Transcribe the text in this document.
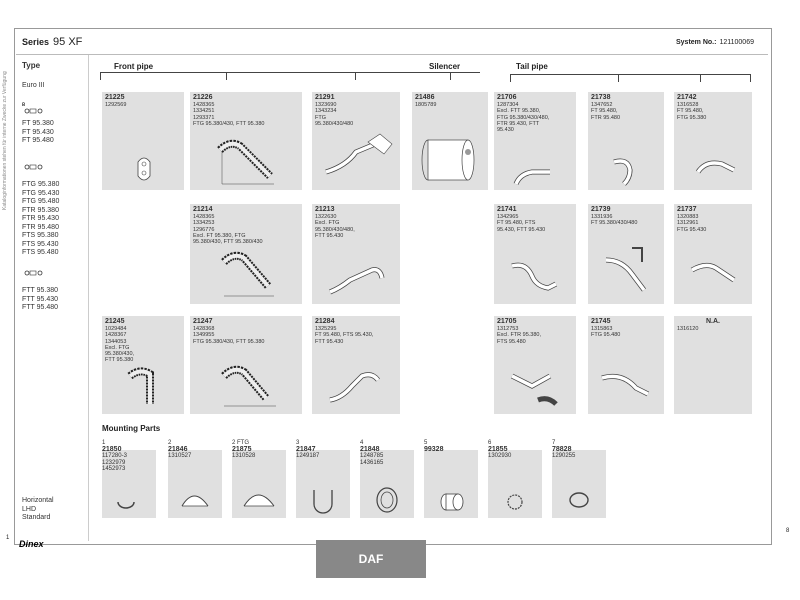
Kataloginformationen stehen für interne Zwecke zur Verfügung
Series 95 XF	System No.: 121100069
Type
Euro III
ʙ
FT 95.380
FT 95.430
FT 95.480
FTG 95.380
FTG 95.430
FTG 95.480
FTR 95.380
FTR 95.430
FTR 95.480
FTS 95.380
FTS 95.430
FTS 95.480
FTT 95.380
FTT 95.430
FTT 95.480
Horizontal
LHD
Standard
Front pipe	Silencer	Tail pipe
21225
1292569
21226
1428365
1334251
1293371
FTG 95.380/430, FTT 95.380
21291
1323690
1343234
FTG
95.380/430/480
21486
1805789
21706
1287304
Excl. FTT 95.380,
FTG 95.380/430/480,
FTR 95.430, FTT
95.430
21738
1347652
FT 95.480,
FTR 95.480
21742
1316528
FT 95.480,
FTG 95.380
21214
1428365
1334253
1296776
Excl. FT 95.380, FTG
95.380/430, FTT 95.380/430
21213
1322630
Excl. FTG
95.380/430/480,
FTT 95.430
21741
1342965
FT 95.480, FTS
95.430, FTT 95.430
21739
1331936
FT 95.380/430/480
21737
1320883
1312961
FTG 95.430
21245
1029484
1428367
1344053
Excl. FTG
95.380/430,
FTT 95.380
21247
1428368
1349955
FTG 95.380/430, FTT 95.380
21284
1325295
FT 95.480, FTS 95.430,
FTT 95.430
21705
1312753
Excl. FTR 95.380,
FTS 95.480
21745
1315863
FTG 95.480
N.A.
1316120
Mounting Parts
1
21850
117280-3
1232979
1452973
2
21846
1310527
2 FTG
21875
1310528
3
21847
1249187
4
21848
1248785
1436165
5
99328
6
21855
1302930
7
78828
1290255
Dinex
1
8
DAF
